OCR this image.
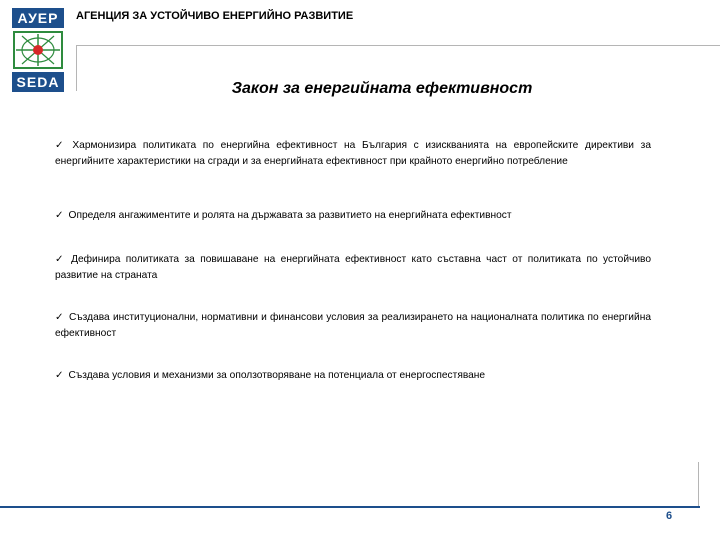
АУЕР
SEDA
АГЕНЦИЯ ЗА УСТОЙЧИВО ЕНЕРГИЙНО РАЗВИТИЕ
Закон за енергийната ефективност

✓ Хармонизира политиката по енергийна ефективност на България с изискванията на европейските директиви за енергийните характеристики на сгради и за енергийната ефективност при крайното енергийно потребление

✓ Определя ангажиментите и ролята на държавата за развитието на енергийната ефективност

✓ Дефинира политиката за повишаване на енергийната ефективност като съставна част от политиката по устойчиво развитие на страната

✓ Създава институционални, нормативни и финансови условия за реализирането на националната политика по енергийна ефективност

✓ Създава условия и механизми за оползотворяване на потенциала от енергоспестяване

6
